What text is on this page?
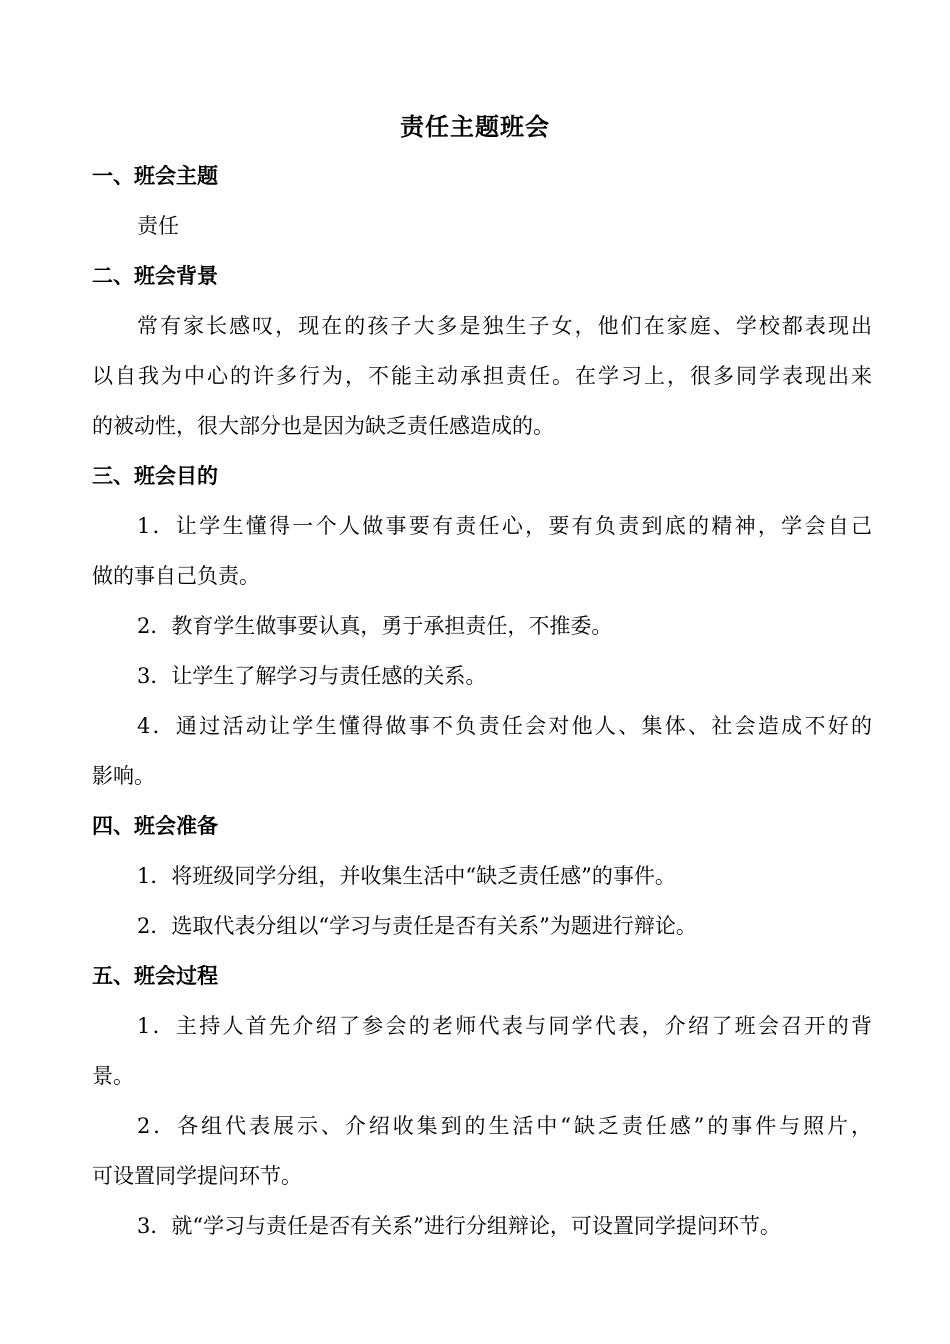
责任主题班会
一、班会主题
责任
二、班会背景
常有家长感叹，现在的孩子大多是独生子女，他们在家庭、学校都表现出
以自我为中心的许多行为，不能主动承担责任。在学习上，很多同学表现出来
的被动性，很大部分也是因为缺乏责任感造成的。
三、班会目的
1．让学生懂得一个人做事要有责任心，要有负责到底的精神，学会自己
做的事自己负责。
2．教育学生做事要认真，勇于承担责任，不推委。
3．让学生了解学习与责任感的关系。
4．通过活动让学生懂得做事不负责任会对他人、集体、社会造成不好的
影响。
四、班会准备
1．将班级同学分组，并收集生活中“缺乏责任感”的事件。
2．选取代表分组以“学习与责任是否有关系”为题进行辩论。
五、班会过程
1．主持人首先介绍了参会的老师代表与同学代表，介绍了班会召开的背
景。
2．各组代表展示、介绍收集到的生活中“缺乏责任感”的事件与照片，
可设置同学提问环节。
3．就“学习与责任是否有关系”进行分组辩论，可设置同学提问环节。
